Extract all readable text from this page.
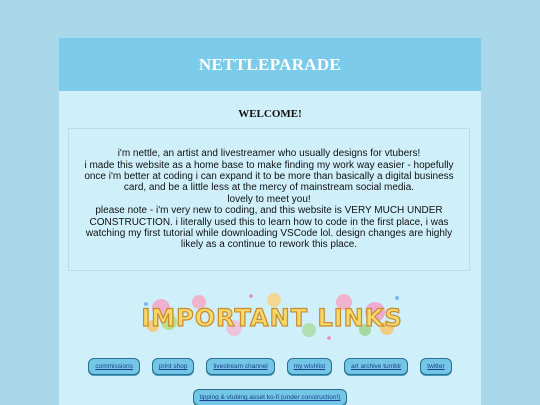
NETTLEPARADE
WELCOME!

i'm nettle, an artist and livestreamer who usually designs for vtubers!

i made this website as a home base to make finding my work way easier - hopefully once i'm better at coding i can expand it to be more than basically a digital business card, and be a little less at the mercy of mainstream social media.

lovely to meet you!

please note - i'm very new to coding, and this website is VERY MUCH UNDER CONSTRUCTION. i literally used this to learn how to code in the first place, i was watching my first tutorial while downloading VSCode lol. design changes are highly likely as a continue to rework this place.

IMPORTANT LINKS
commissions	print shop	livestream channel	my wishlist	art archive tumblr	twitter
tipping & vtubing asset ko-fi (under construction!)
